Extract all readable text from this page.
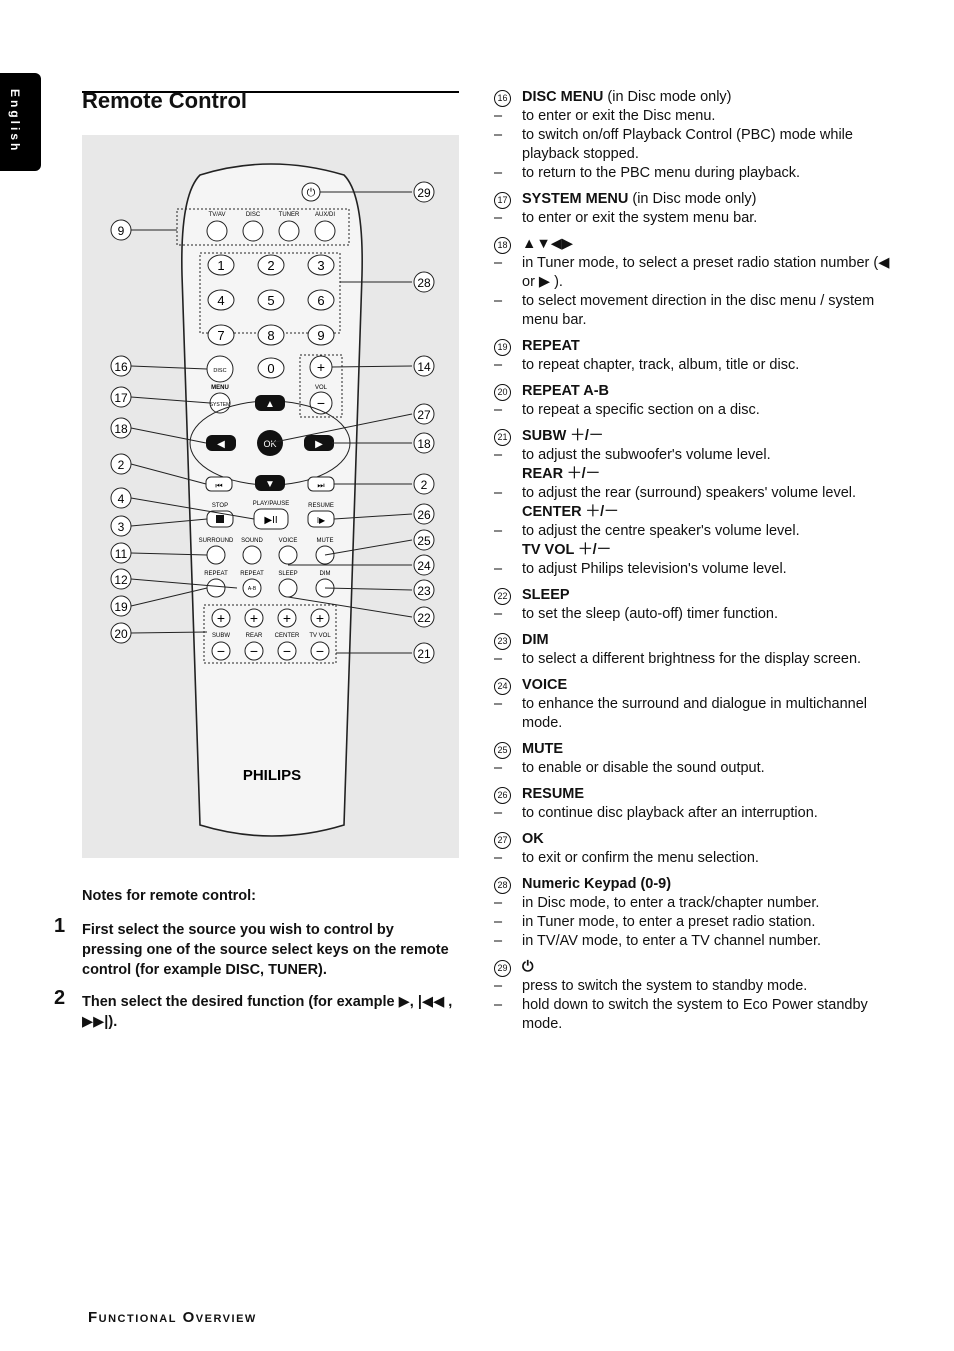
English	Remote Control
⏻
TV/AV	DISC	TUNER	AUX/DI
1	2	3
4	5	6
7	8	9
0
DISC
MENU
SYSTEM
+
VOL
−
▲
◀	▶
▼
OK
⏮	⏭
STOP	PLAY/PAUSE
▶II
RESUME
I▶
SURROUND SOUND	VOICE	MUTE
REPEAT REPEAT SLEEP	DIM
A-B
+
SUBW
−
+
REAR
−
+
CENTER
−
+
TV VOL
−
PHILIPS
9
16
17
18
2
4
3
11
12
19
20
29
28
14
27
18
2
26
25
24
23
22
21

Notes for remote control:

1 First select the source you wish to control by pressing one of the source select keys on the remote control (for example DISC, TUNER).
2 Then select the desired function (for example ▶, |◀◀ , ▶▶|).
16 DISC MENU (in Disc mode only)
– to enter or exit the Disc menu.
– to switch on/off Playback Control (PBC) mode while playback stopped.
– to return to the PBC menu during playback.
17 SYSTEM MENU (in Disc mode only)
– to enter or exit the system menu bar.
18 ▲▼◀▶
– in Tuner mode, to select a preset radio station number (◀ or ▶ ).
– to select movement direction in the disc menu / system menu bar.
19 REPEAT
– to repeat chapter, track, album, title or disc.
20 REPEAT A-B
– to repeat a specific section on a disc.
21 SUBW ＋/－
– to adjust the subwoofer's volume level.
REAR ＋/－
– to adjust the rear (surround) speakers' volume level.
CENTER ＋/－
– to adjust the centre speaker's volume level.
TV VOL ＋/－
– to adjust Philips television's volume level.
22 SLEEP
– to set the sleep (auto-off) timer function.
23 DIM
– to select a different brightness for the display screen.
24 VOICE
– to enhance the surround and dialogue in multichannel mode.
25 MUTE
– to enable or disable the sound output.
26 RESUME
– to continue disc playback after an interruption.
27 OK
– to exit or confirm the menu selection.
28 Numeric Keypad (0-9)
– in Disc mode, to enter a track/chapter number.
– in Tuner mode, to enter a preset radio station.
– in TV/AV mode, to enter a TV channel number.
29 ⏻
– press to switch the system to standby mode.
– hold down to switch the system to Eco Power standby mode.
Functional Overview
